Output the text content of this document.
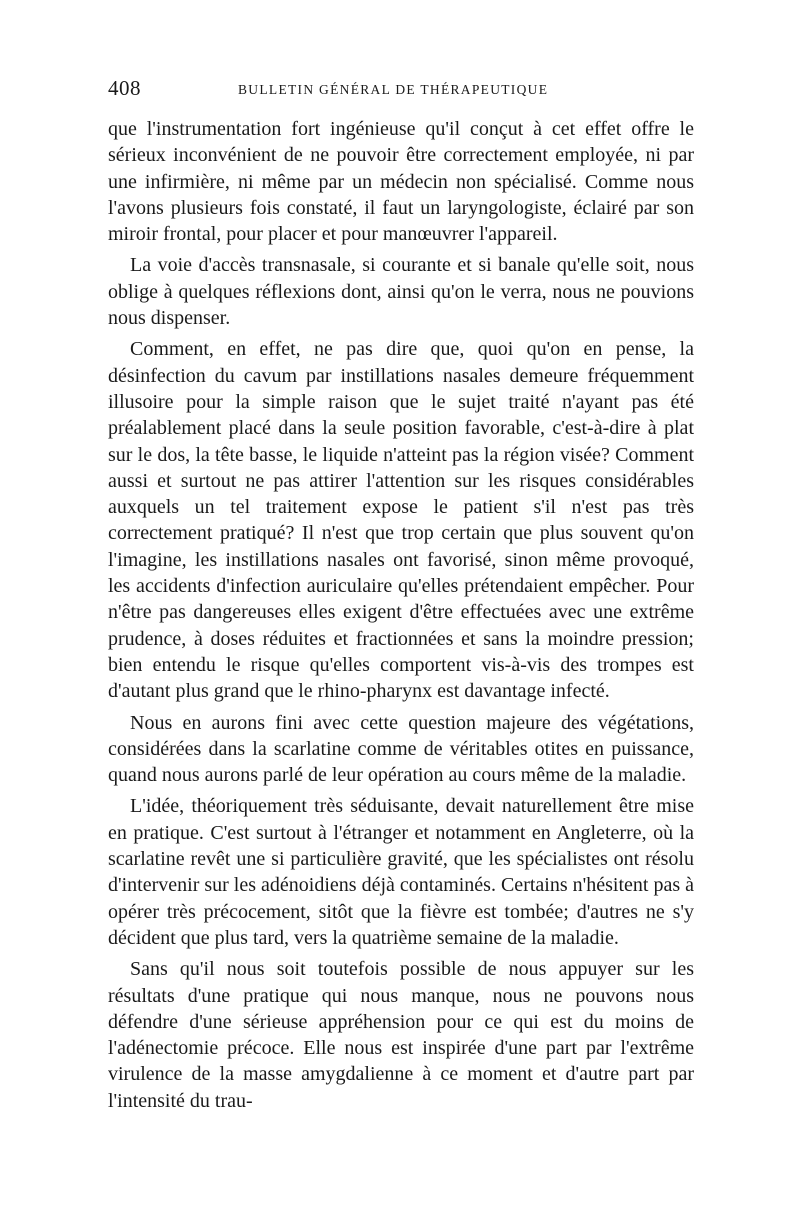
408	BULLETIN GÉNÉRAL DE THÉRAPEUTIQUE

que l'instrumentation fort ingénieuse qu'il conçut à cet effet offre le sérieux inconvénient de ne pouvoir être correctement employée, ni par une infirmière, ni même par un médecin non spécialisé. Comme nous l'avons plusieurs fois constaté, il faut un laryngologiste, éclairé par son miroir frontal, pour placer et pour manœuvrer l'appareil.

La voie d'accès transnasale, si courante et si banale qu'elle soit, nous oblige à quelques réflexions dont, ainsi qu'on le verra, nous ne pouvions nous dispenser.

Comment, en effet, ne pas dire que, quoi qu'on en pense, la désinfection du cavum par instillations nasales demeure fréquemment illusoire pour la simple raison que le sujet traité n'ayant pas été préalablement placé dans la seule position favorable, c'est-à-dire à plat sur le dos, la tête basse, le liquide n'atteint pas la région visée? Comment aussi et surtout ne pas attirer l'attention sur les risques considérables auxquels un tel traitement expose le patient s'il n'est pas très correctement pratiqué? Il n'est que trop certain que plus souvent qu'on l'imagine, les instillations nasales ont favorisé, sinon même provoqué, les accidents d'infection auriculaire qu'elles prétendaient empêcher. Pour n'être pas dangereuses elles exigent d'être effectuées avec une extrême prudence, à doses réduites et fractionnées et sans la moindre pression; bien entendu le risque qu'elles comportent vis-à-vis des trompes est d'autant plus grand que le rhino-pharynx est davantage infecté.

Nous en aurons fini avec cette question majeure des végétations, considérées dans la scarlatine comme de véritables otites en puissance, quand nous aurons parlé de leur opération au cours même de la maladie.

L'idée, théoriquement très séduisante, devait naturellement être mise en pratique. C'est surtout à l'étranger et notamment en Angleterre, où la scarlatine revêt une si particulière gravité, que les spécialistes ont résolu d'intervenir sur les adénoidiens déjà contaminés. Certains n'hésitent pas à opérer très précocement, sitôt que la fièvre est tombée; d'autres ne s'y décident que plus tard, vers la quatrième semaine de la maladie.

Sans qu'il nous soit toutefois possible de nous appuyer sur les résultats d'une pratique qui nous manque, nous ne pouvons nous défendre d'une sérieuse appréhension pour ce qui est du moins de l'adénectomie précoce. Elle nous est inspirée d'une part par l'extrême virulence de la masse amygdalienne à ce moment et d'autre part par l'intensité du trau-
